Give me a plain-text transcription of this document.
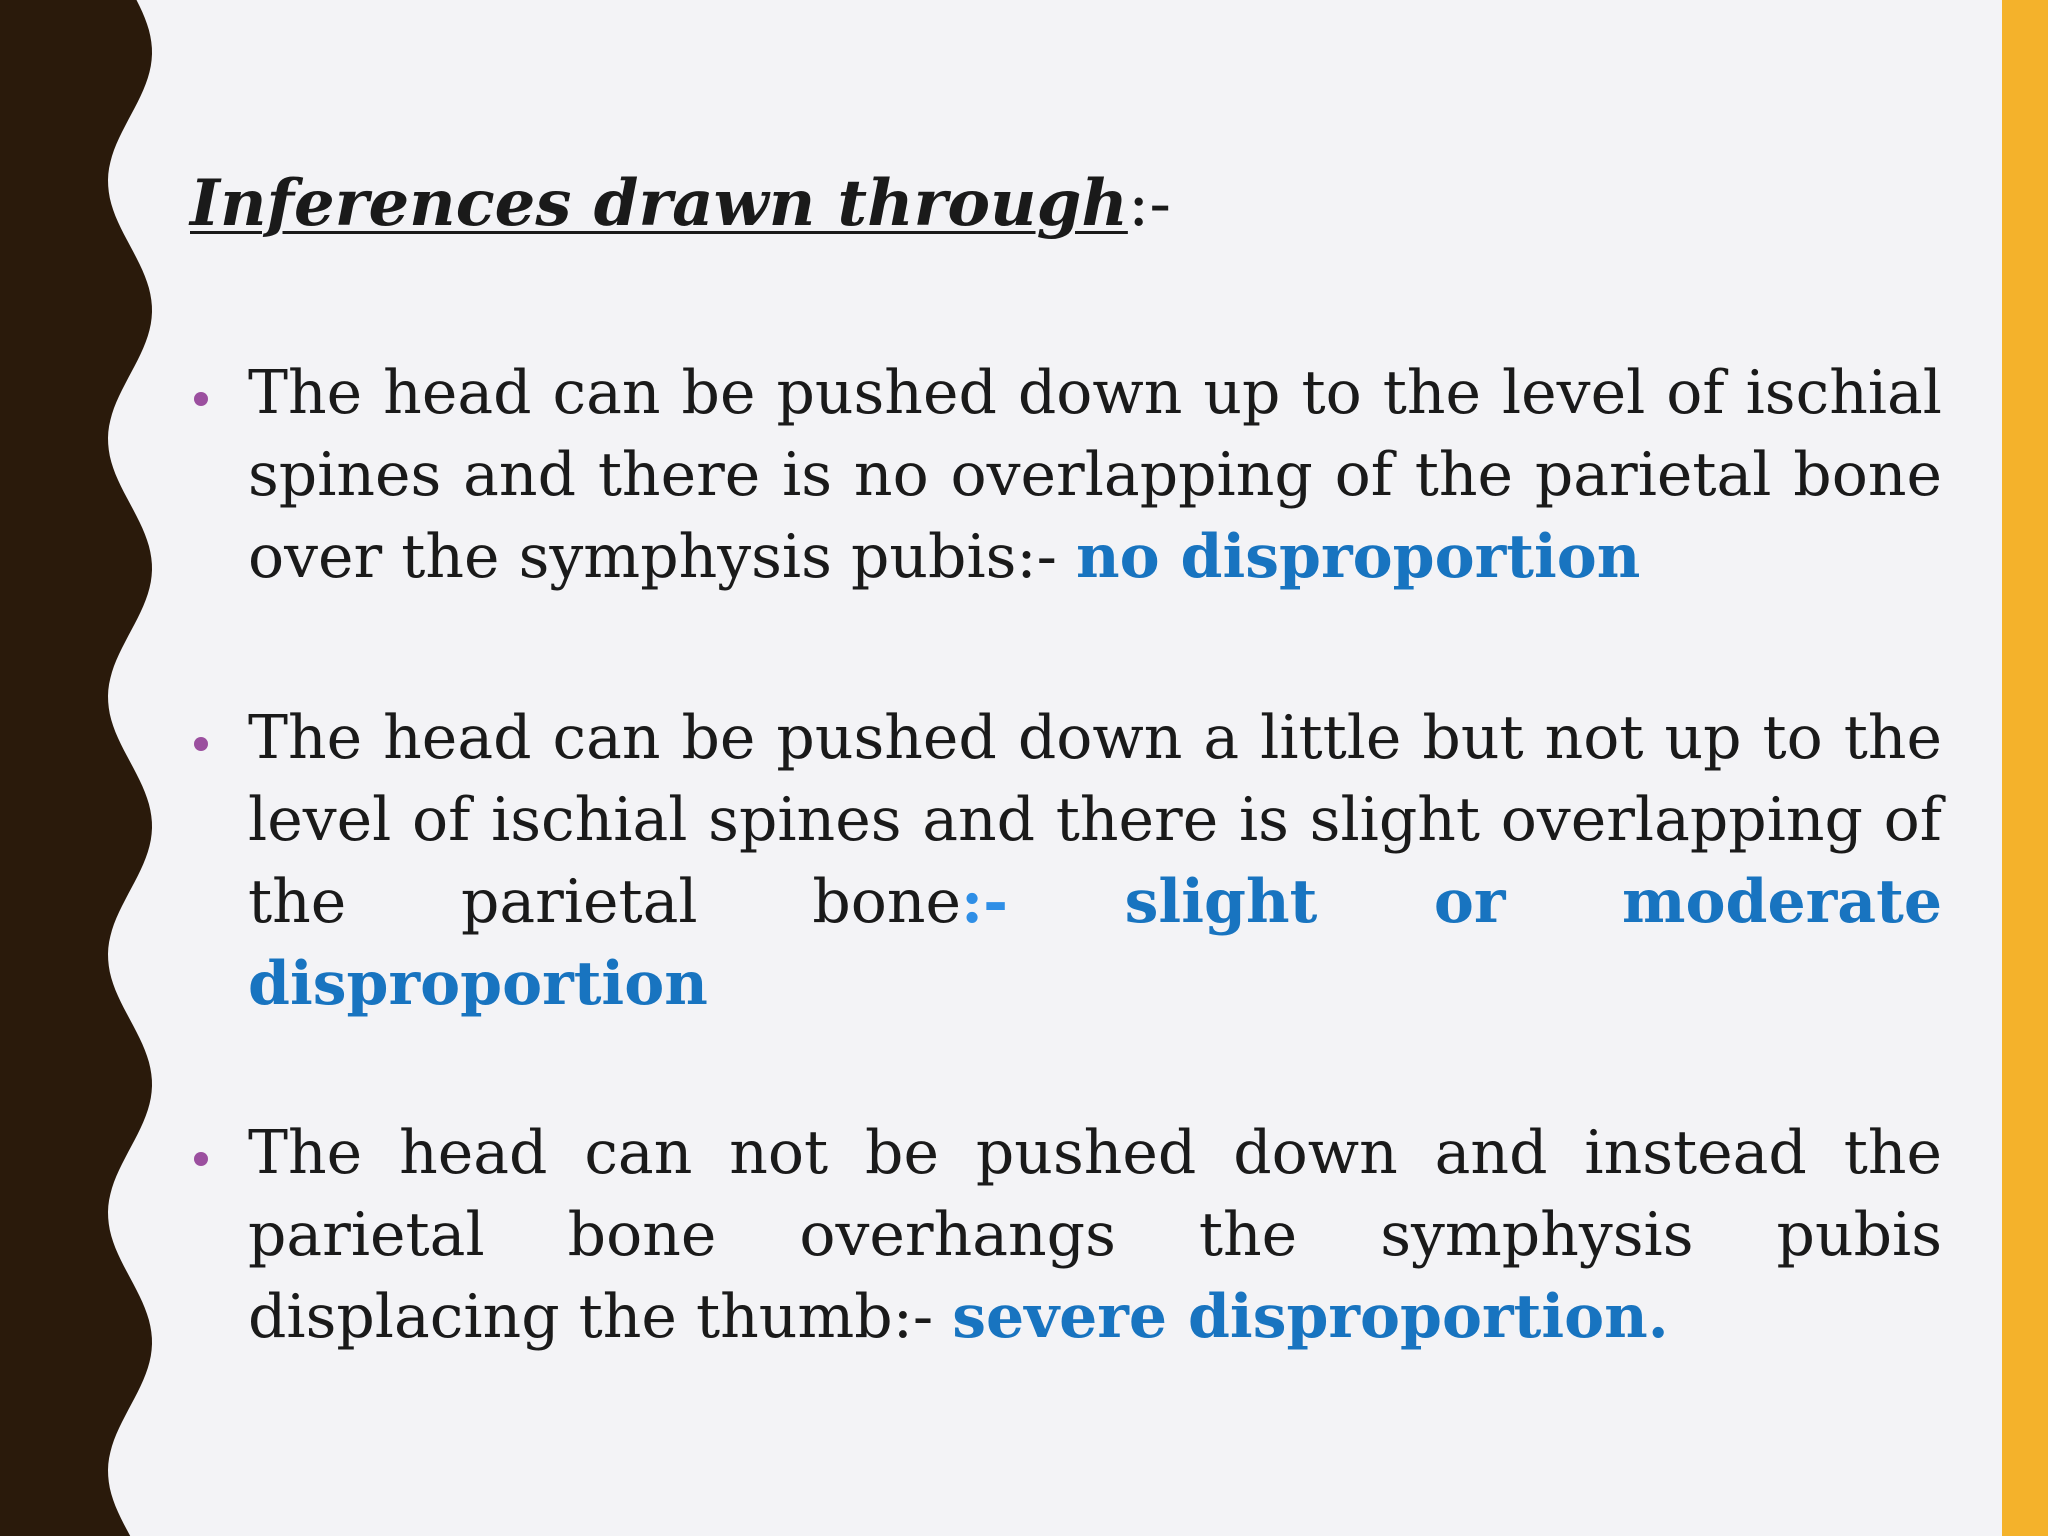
Inferences drawn through:-

The head can be pushed down up to the level of ischial spines and there is no overlapping of the parietal bone over the symphysis pubis:- no disproportion

The head can be pushed down a little but not up to the level of ischial spines and there is slight overlapping of the parietal bone:- slight or moderate disproportion

The head can not be pushed down and instead the parietal bone overhangs the symphysis pubis displacing the thumb:- severe disproportion.
